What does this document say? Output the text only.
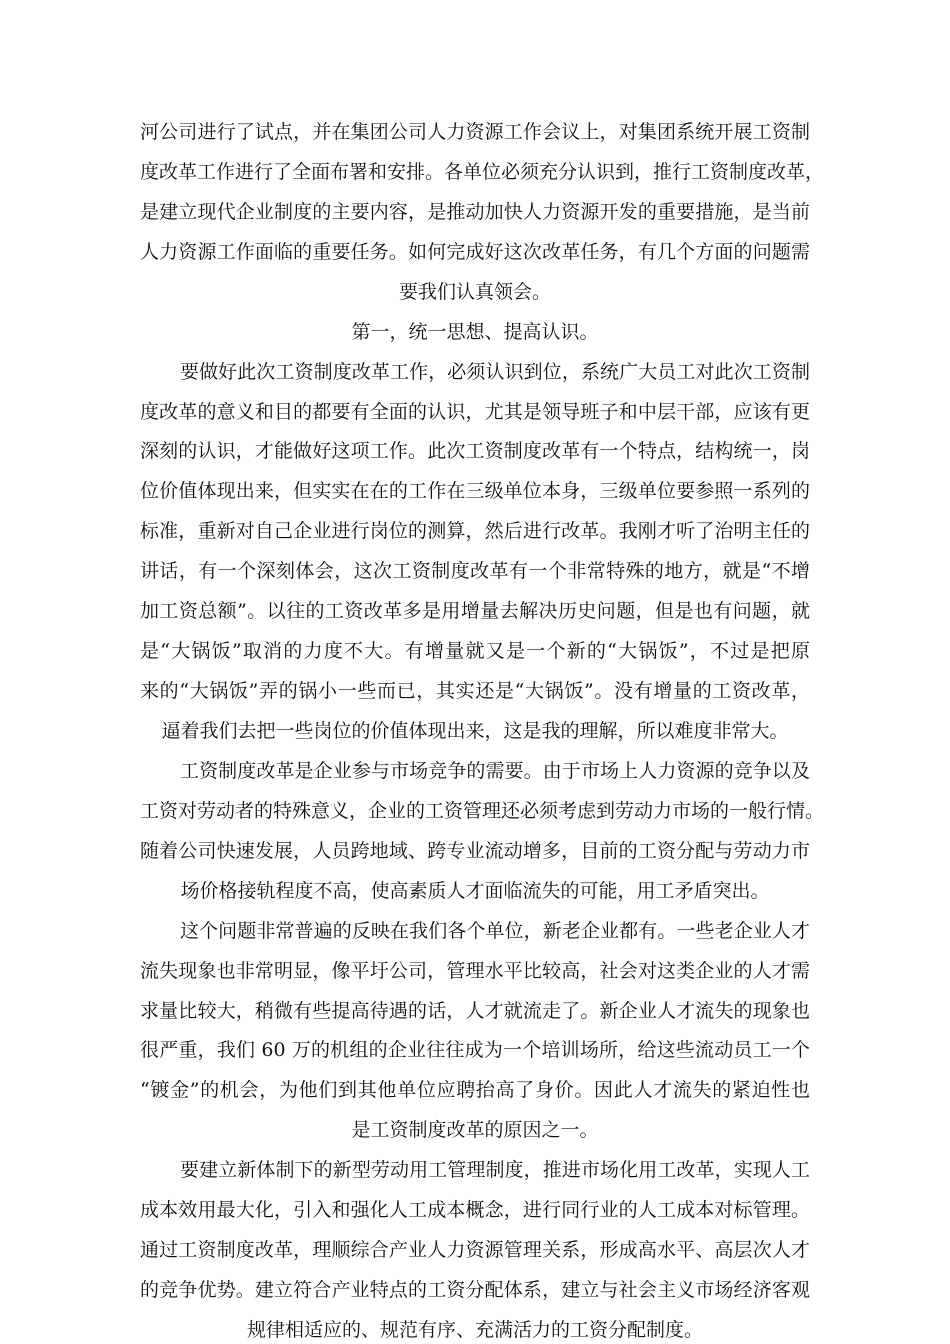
河公司进行了试点，并在集团公司人力资源工作会议上，对集团系统开展工资制
度改革工作进行了全面布署和安排。各单位必须充分认识到，推行工资制度改革，
是建立现代企业制度的主要内容，是推动加快人力资源开发的重要措施，是当前
人力资源工作面临的重要任务。如何完成好这次改革任务，有几个方面的问题需
要我们认真领会。
第一，统一思想、提高认识。
要做好此次工资制度改革工作，必须认识到位，系统广大员工对此次工资制
度改革的意义和目的都要有全面的认识，尤其是领导班子和中层干部，应该有更
深刻的认识，才能做好这项工作。此次工资制度改革有一个特点，结构统一，岗
位价值体现出来，但实实在在的工作在三级单位本身，三级单位要参照一系列的
标准，重新对自己企业进行岗位的测算，然后进行改革。我刚才听了治明主任的
讲话，有一个深刻体会，这次工资制度改革有一个非常特殊的地方，就是“不增
加工资总额”。以往的工资改革多是用增量去解决历史问题，但是也有问题，就
是“大锅饭”取消的力度不大。有增量就又是一个新的“大锅饭”，不过是把原
来的“大锅饭”弄的锅小一些而已，其实还是“大锅饭”。没有增量的工资改革，
逼着我们去把一些岗位的价值体现出来，这是我的理解，所以难度非常大。
工资制度改革是企业参与市场竞争的需要。由于市场上人力资源的竞争以及
工资对劳动者的特殊意义，企业的工资管理还必须考虑到劳动力市场的一般行情。
随着公司快速发展，人员跨地域、跨专业流动增多，目前的工资分配与劳动力市
场价格接轨程度不高，使高素质人才面临流失的可能，用工矛盾突出。
这个问题非常普遍的反映在我们各个单位，新老企业都有。一些老企业人才
流失现象也非常明显，像平圩公司，管理水平比较高，社会对这类企业的人才需
求量比较大，稍微有些提高待遇的话，人才就流走了。新企业人才流失的现象也
很严重，我们 60 万的机组的企业往往成为一个培训场所，给这些流动员工一个
“镀金”的机会，为他们到其他单位应聘抬高了身价。因此人才流失的紧迫性也
是工资制度改革的原因之一。
要建立新体制下的新型劳动用工管理制度，推进市场化用工改革，实现人工
成本效用最大化，引入和强化人工成本概念，进行同行业的人工成本对标管理。
通过工资制度改革，理顺综合产业人力资源管理关系，形成高水平、高层次人才
的竞争优势。建立符合产业特点的工资分配体系，建立与社会主义市场经济客观
规律相适应的、规范有序、充满活力的工资分配制度。
